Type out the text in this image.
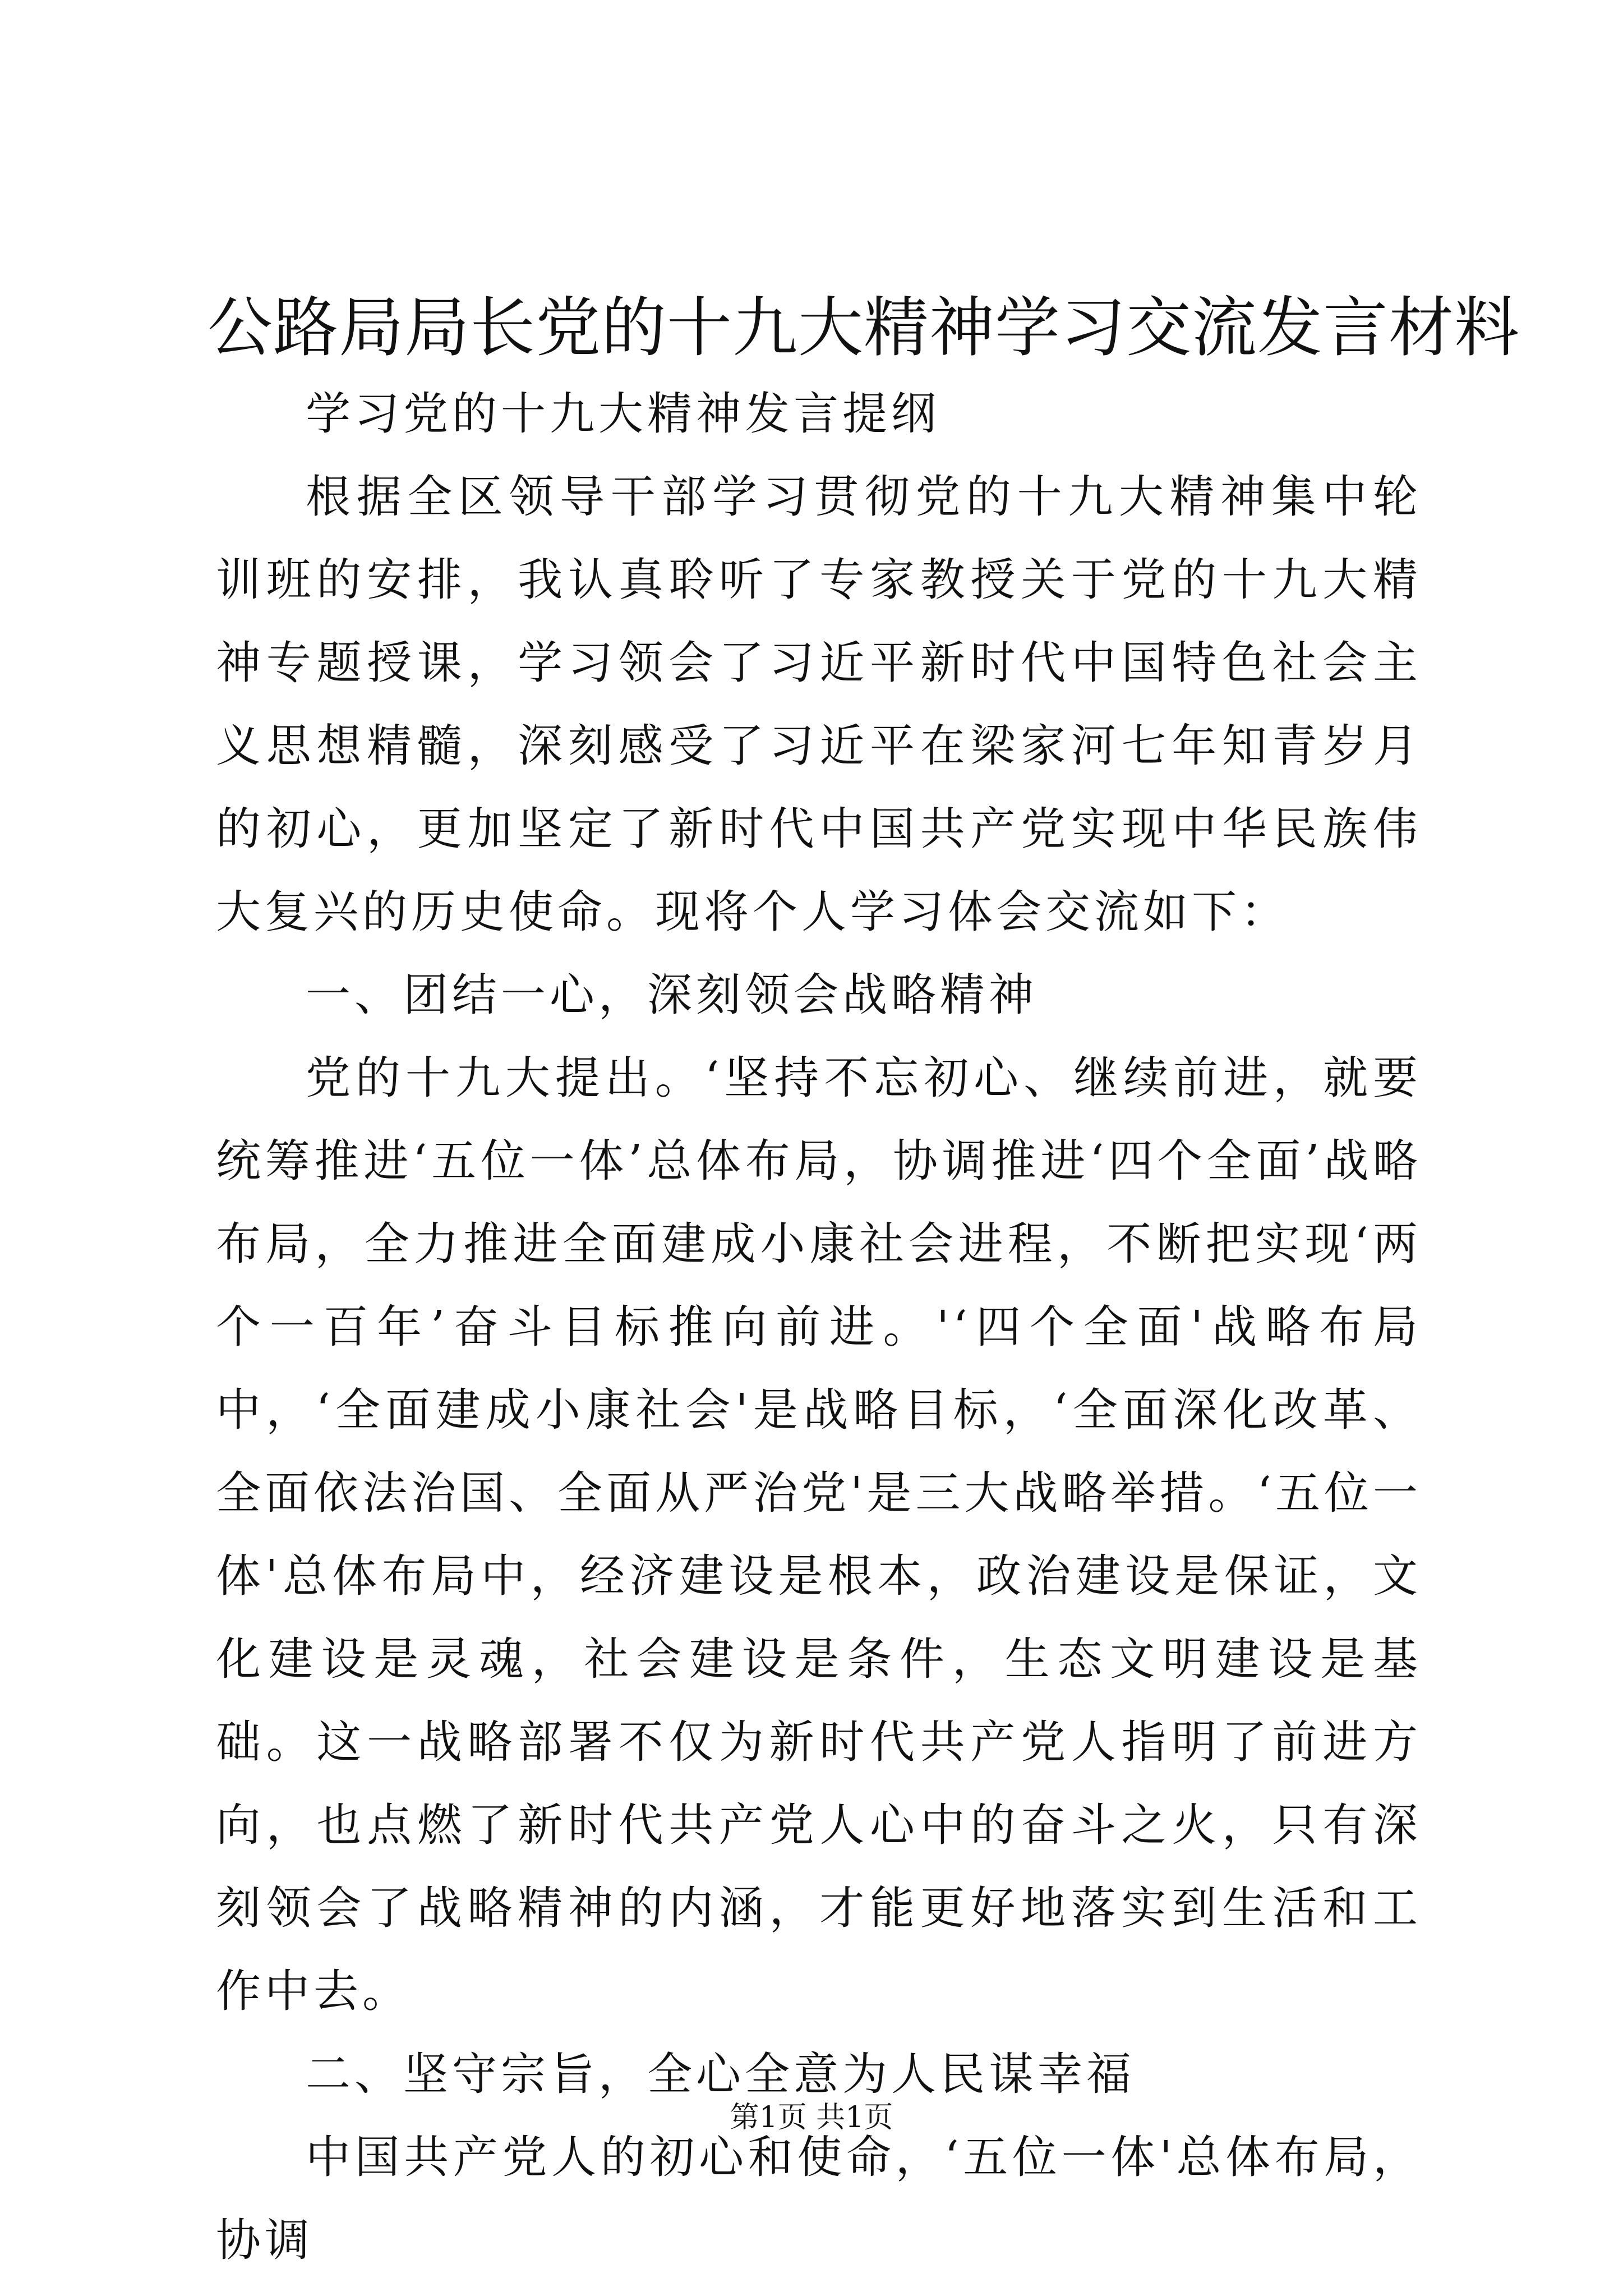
公路局局长党的十九大精神学习交流发言材料

学习党的十九大精神发言提纲

根据全区领导干部学习贯彻党的十九大精神集中轮训班的安排，我认真聆听了专家教授关于党的十九大精神专题授课，学习领会了习近平新时代中国特色社会主义思想精髓，深刻感受了习近平在梁家河七年知青岁月的初心，更加坚定了新时代中国共产党实现中华民族伟大复兴的历史使命。现将个人学习体会交流如下：

一、团结一心，深刻领会战略精神

党的十九大提出。‘坚持不忘初心、继续前进，就要统筹推进‘五位一体’总体布局，协调推进‘四个全面’战略布局，全力推进全面建成小康社会进程，不断把实现‘两个一百年’奋斗目标推向前进。'‘四个全面'战略布局中，‘全面建成小康社会'是战略目标，‘全面深化改革、全面依法治国、全面从严治党'是三大战略举措。‘五位一体'总体布局中，经济建设是根本，政治建设是保证，文化建设是灵魂，社会建设是条件，生态文明建设是基础。这一战略部署不仅为新时代共产党人指明了前进方向，也点燃了新时代共产党人心中的奋斗之火，只有深刻领会了战略精神的内涵，才能更好地落实到生活和工作中去。

二、坚守宗旨，全心全意为人民谋幸福

中国共产党人的初心和使命，‘五位一体'总体布局，协调

第1页 共1页
